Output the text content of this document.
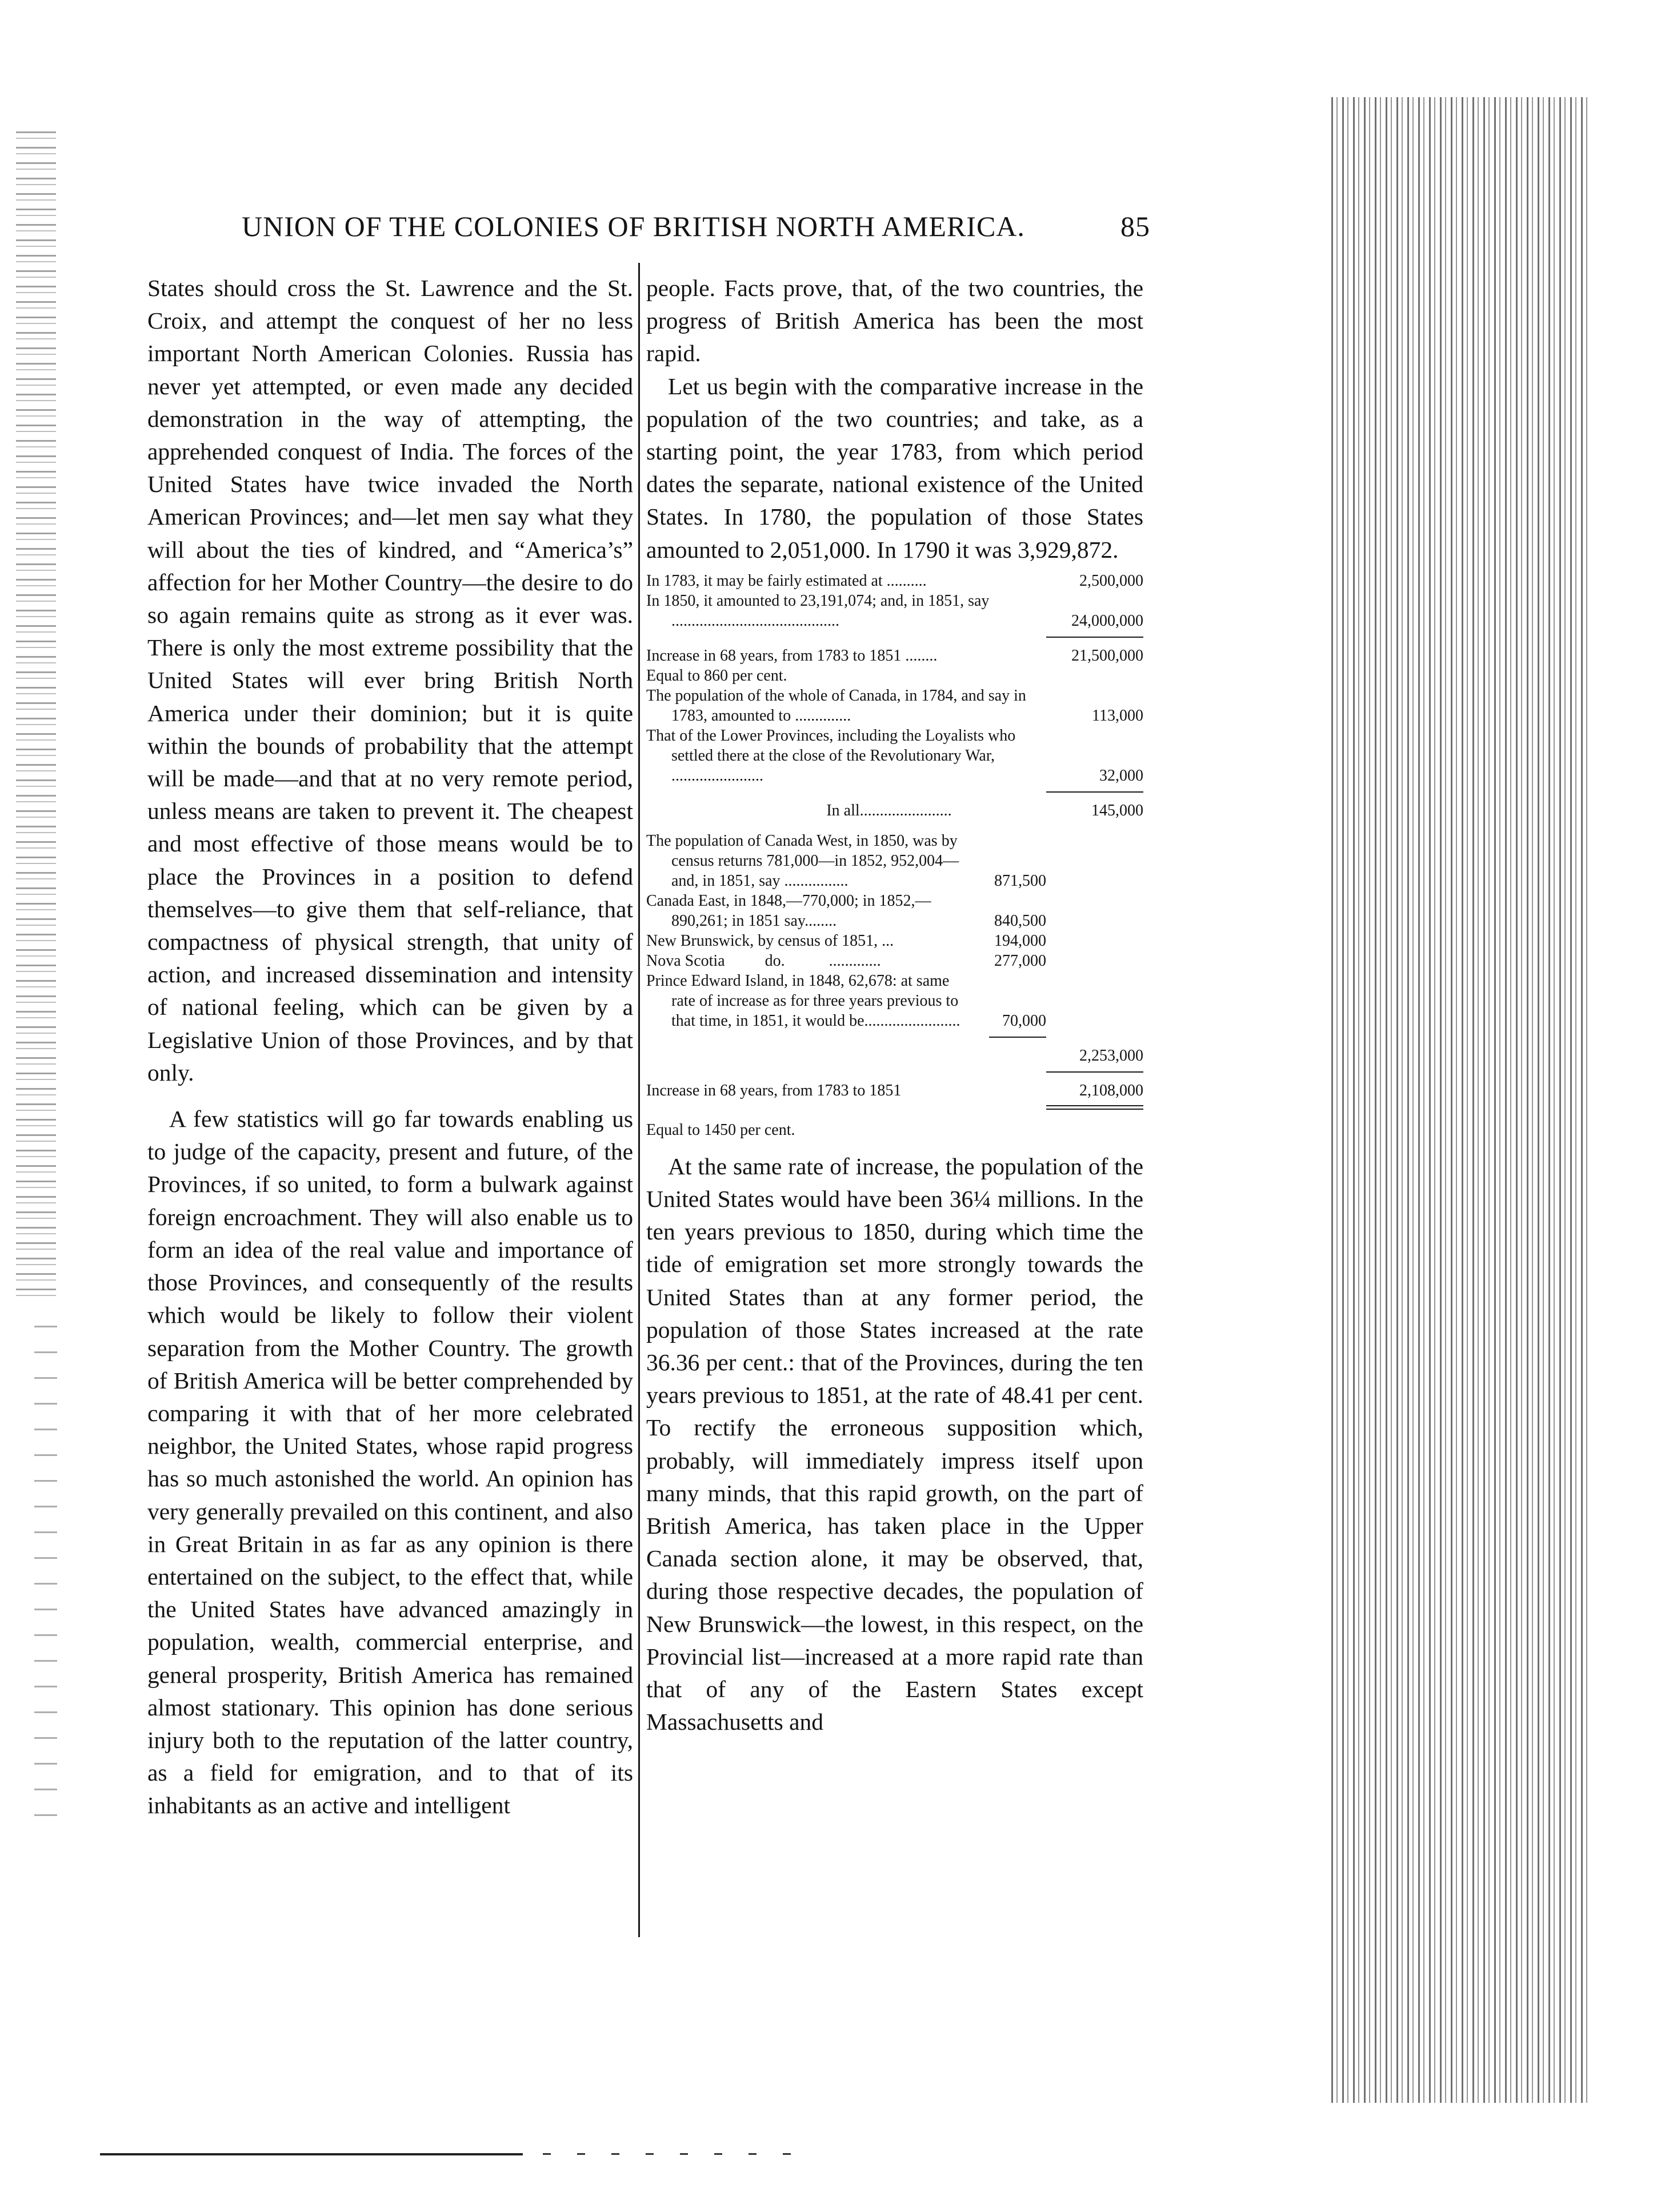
UNION OF THE COLONIES OF BRITISH NORTH AMERICA.	85

States should cross the St. Lawrence and the St. Croix, and attempt the conquest of her no less important North American Colonies. Russia has never yet attempted, or even made any decided demonstration in the way of attempting, the apprehended conquest of India. The forces of the United States have twice invaded the North American Provinces; and—let men say what they will about the ties of kindred, and “America’s” affection for her Mother Country—the desire to do so again remains quite as strong as it ever was. There is only the most extreme possibility that the United States will ever bring British North America under their dominion; but it is quite within the bounds of probability that the attempt will be made—and that at no very remote period, unless means are taken to prevent it. The cheapest and most effective of those means would be to place the Provinces in a position to defend themselves—to give them that self-reliance, that compactness of physical strength, that unity of action, and increased dissemination and intensity of national feeling, which can be given by a Legislative Union of those Provinces, and by that only.

A few statistics will go far towards enabling us to judge of the capacity, present and future, of the Provinces, if so united, to form a bulwark against foreign encroachment. They will also enable us to form an idea of the real value and importance of those Provinces, and consequently of the results which would be likely to follow their violent separation from the Mother Country. The growth of British America will be better comprehended by comparing it with that of her more celebrated neighbor, the United States, whose rapid progress has so much astonished the world. An opinion has very generally prevailed on this continent, and also in Great Britain in as far as any opinion is there entertained on the subject, to the effect that, while the United States have advanced amazingly in population, wealth, commercial enterprise, and general prosperity, British America has remained almost stationary. This opinion has done serious injury both to the reputation of the latter country, as a field for emigration, and to that of its inhabitants as an active and intelligent

people. Facts prove, that, of the two countries, the progress of British America has been the most rapid.

Let us begin with the comparative increase in the population of the two countries; and take, as a starting point, the year 1783, from which period dates the separate, national existence of the United States. In 1780, the population of those States amounted to 2,051,000. In 1790 it was 3,929,872.

In 1783, it may be fairly estimated at ..........	2,500,000
In 1850, it amounted to 23,191,074; and, in 1851, say ..........................................	24,000,000
Increase in 68 years, from 1783 to 1851 ........	21,500,000
Equal to 860 per cent.
The population of the whole of Canada, in 1784, and say in 1783, amounted to ..............	113,000
That of the Lower Provinces, including the Loyalists who settled there at the close of the Revolutionary War, .......................	32,000
In all.......................	145,000
The population of Canada West, in 1850, was by census returns 781,000—in 1852, 952,004—and, in 1851, say ................	871,500
Canada East, in 1848,—770,000; in 1852,—890,261; in 1851 say........	840,500
New Brunswick, by census of 1851, ...	194,000
Nova Scotia          do.           .............	277,000
Prince Edward Island, in 1848, 62,678: at same rate of increase as for three years previous to that time, in 1851, it would be........................	70,000
2,253,000
Increase in 68 years, from 1783 to 1851	2,108,000
Equal to 1450 per cent.

At the same rate of increase, the population of the United States would have been 36¼ millions. In the ten years previous to 1850, during which time the tide of emigration set more strongly towards the United States than at any former period, the population of those States increased at the rate 36.36 per cent.: that of the Provinces, during the ten years previous to 1851, at the rate of 48.41 per cent. To rectify the erroneous supposition which, probably, will immediately impress itself upon many minds, that this rapid growth, on the part of British America, has taken place in the Upper Canada section alone, it may be observed, that, during those respective decades, the population of New Brunswick—the lowest, in this respect, on the Provincial list—increased at a more rapid rate than that of any of the Eastern States except Massachusetts and
